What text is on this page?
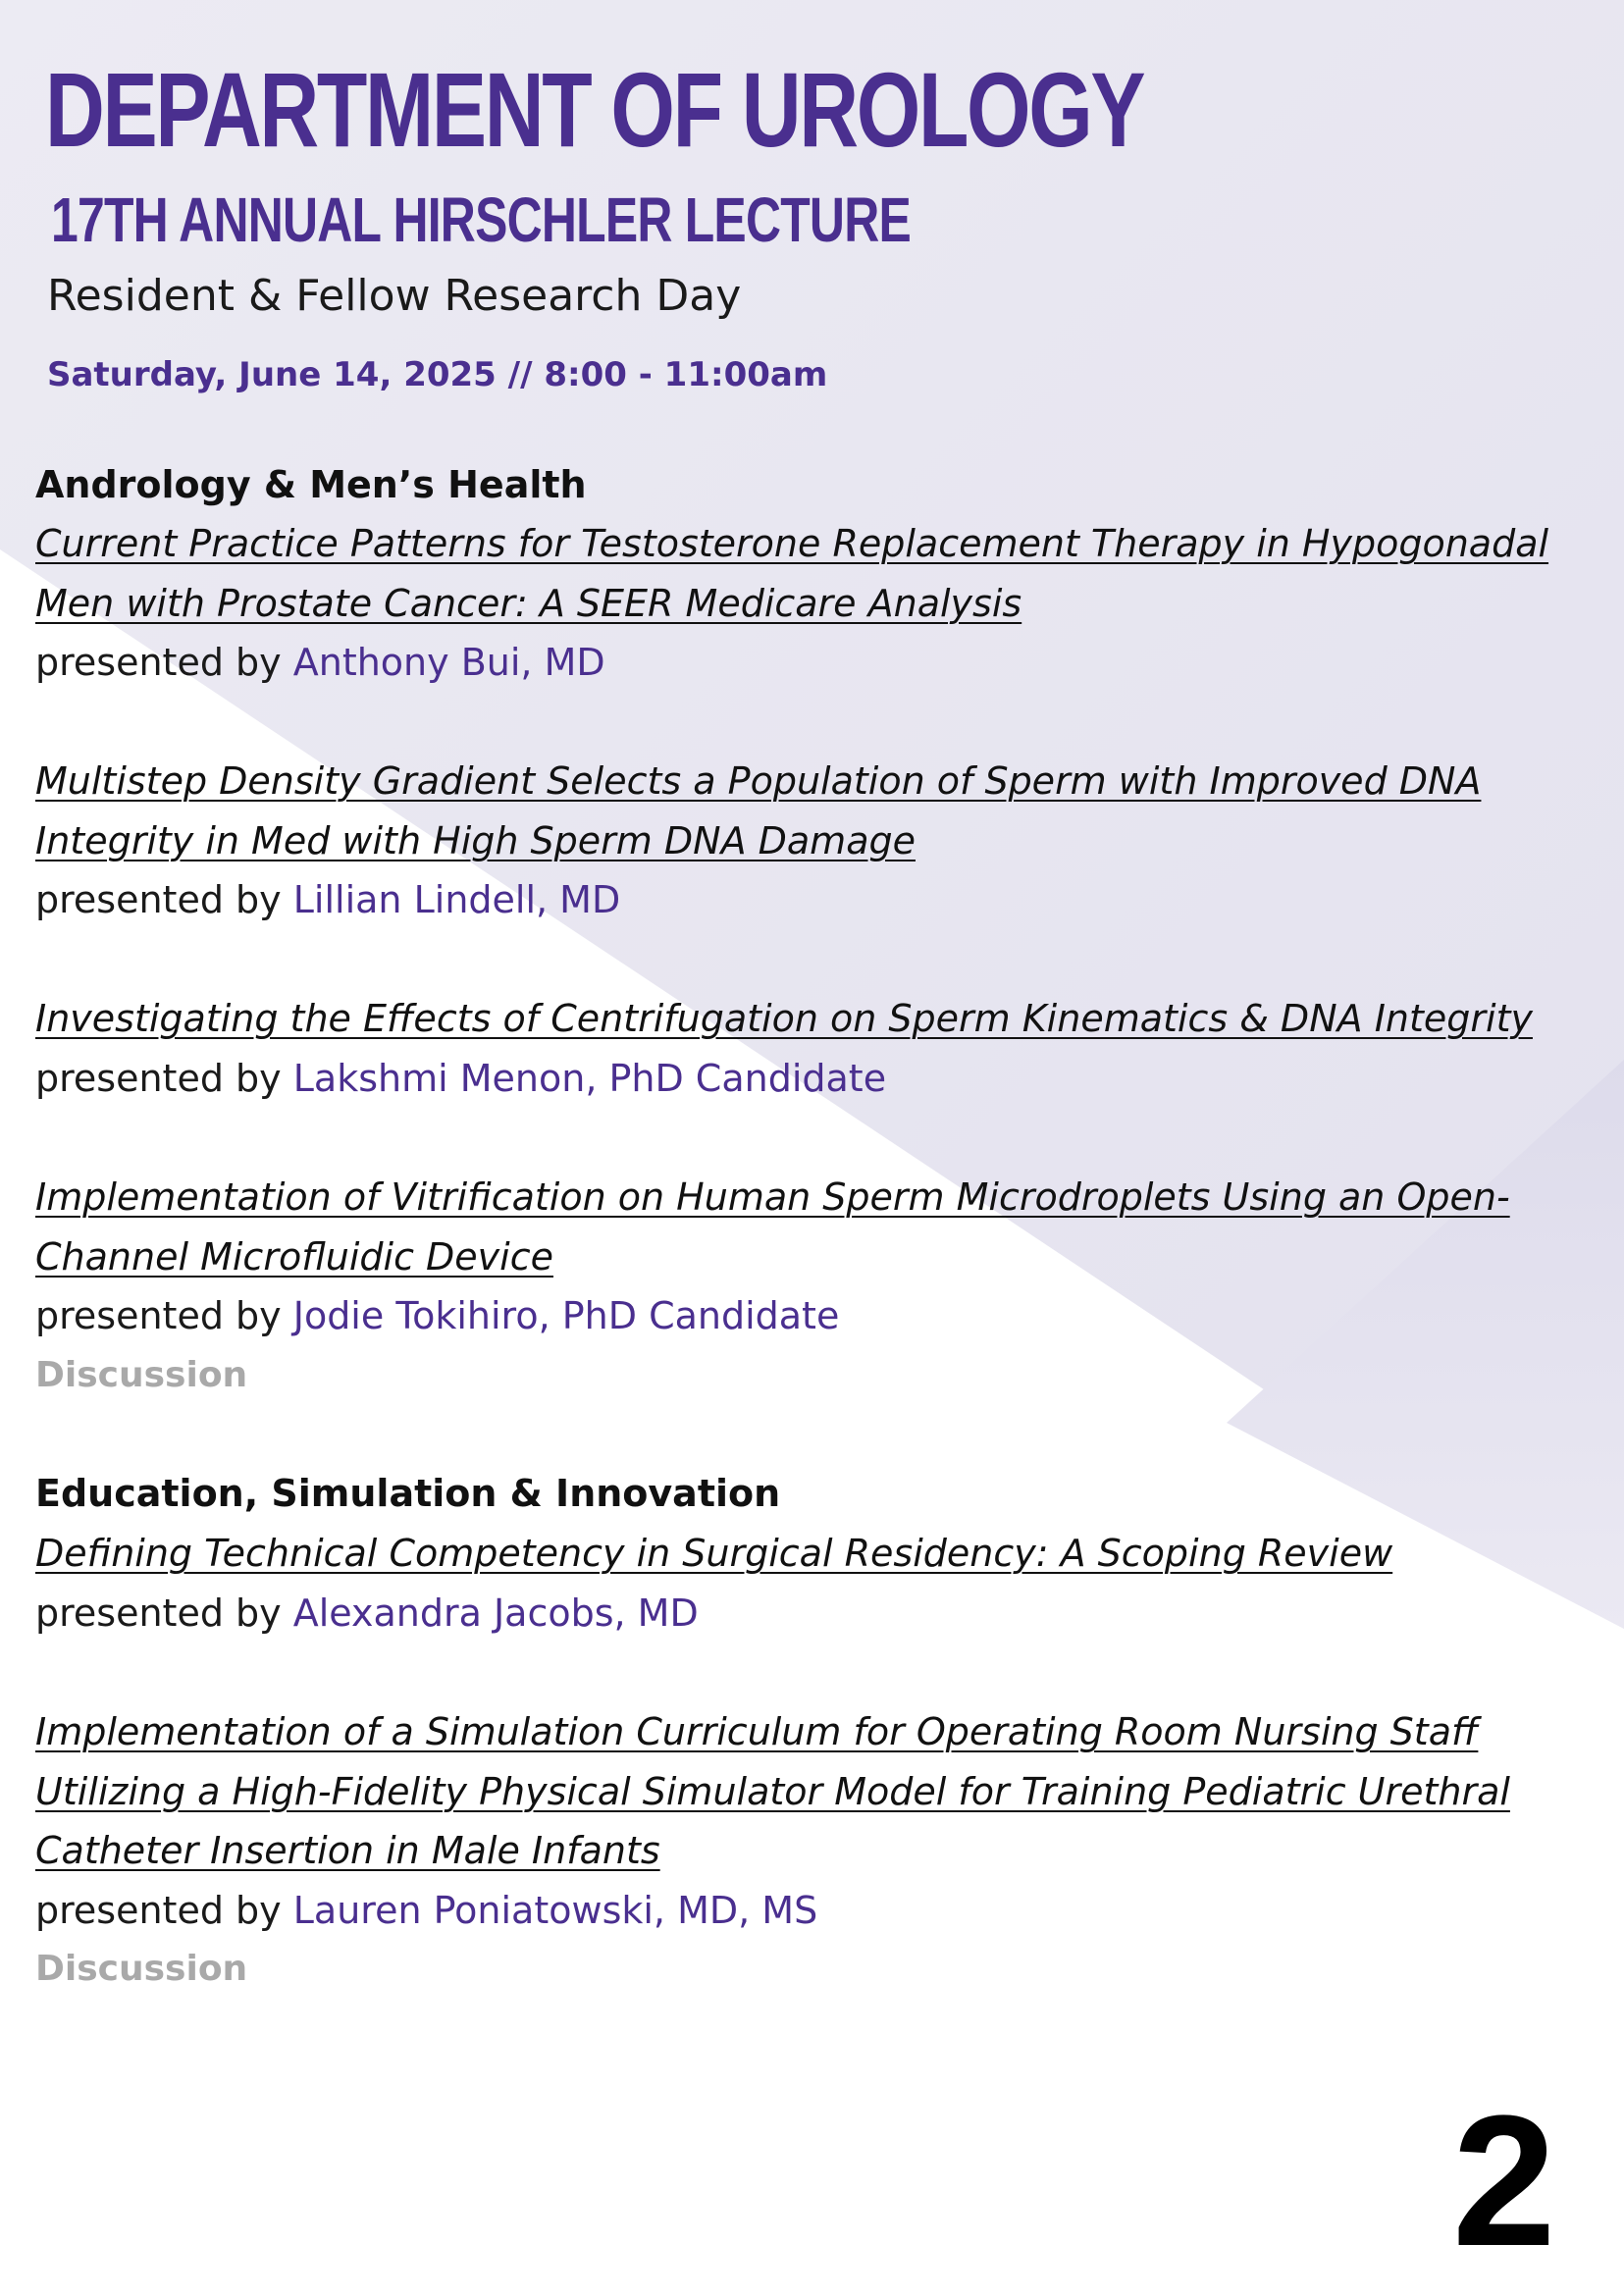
DEPARTMENT OF UROLOGY
17TH ANNUAL HIRSCHLER LECTURE
Resident & Fellow Research Day
Saturday, June 14, 2025 // 8:00 - 11:00am
Andrology & Men’s Health

Current Practice Patterns for Testosterone Replacement Therapy in Hypogonadal Men with Prostate Cancer: A SEER Medicare Analysis

presented by Anthony Bui, MD

Multistep Density Gradient Selects a Population of Sperm with Improved DNA Integrity in Med with High Sperm DNA Damage

presented by Lillian Lindell, MD

Investigating the Effects of Centrifugation on Sperm Kinematics & DNA Integrity

presented by Lakshmi Menon, PhD Candidate

Implementation of Vitrification on Human Sperm Microdroplets Using an Open-Channel Microfluidic Device

presented by Jodie Tokihiro, PhD Candidate
Discussion
Education, Simulation & Innovation

Defining Technical Competency in Surgical Residency: A Scoping Review

presented by Alexandra Jacobs, MD

Implementation of a Simulation Curriculum for Operating Room Nursing Staff Utilizing a High-Fidelity Physical Simulator Model for Training Pediatric Urethral Catheter Insertion in Male Infants

presented by Lauren Poniatowski, MD, MS
Discussion
2
